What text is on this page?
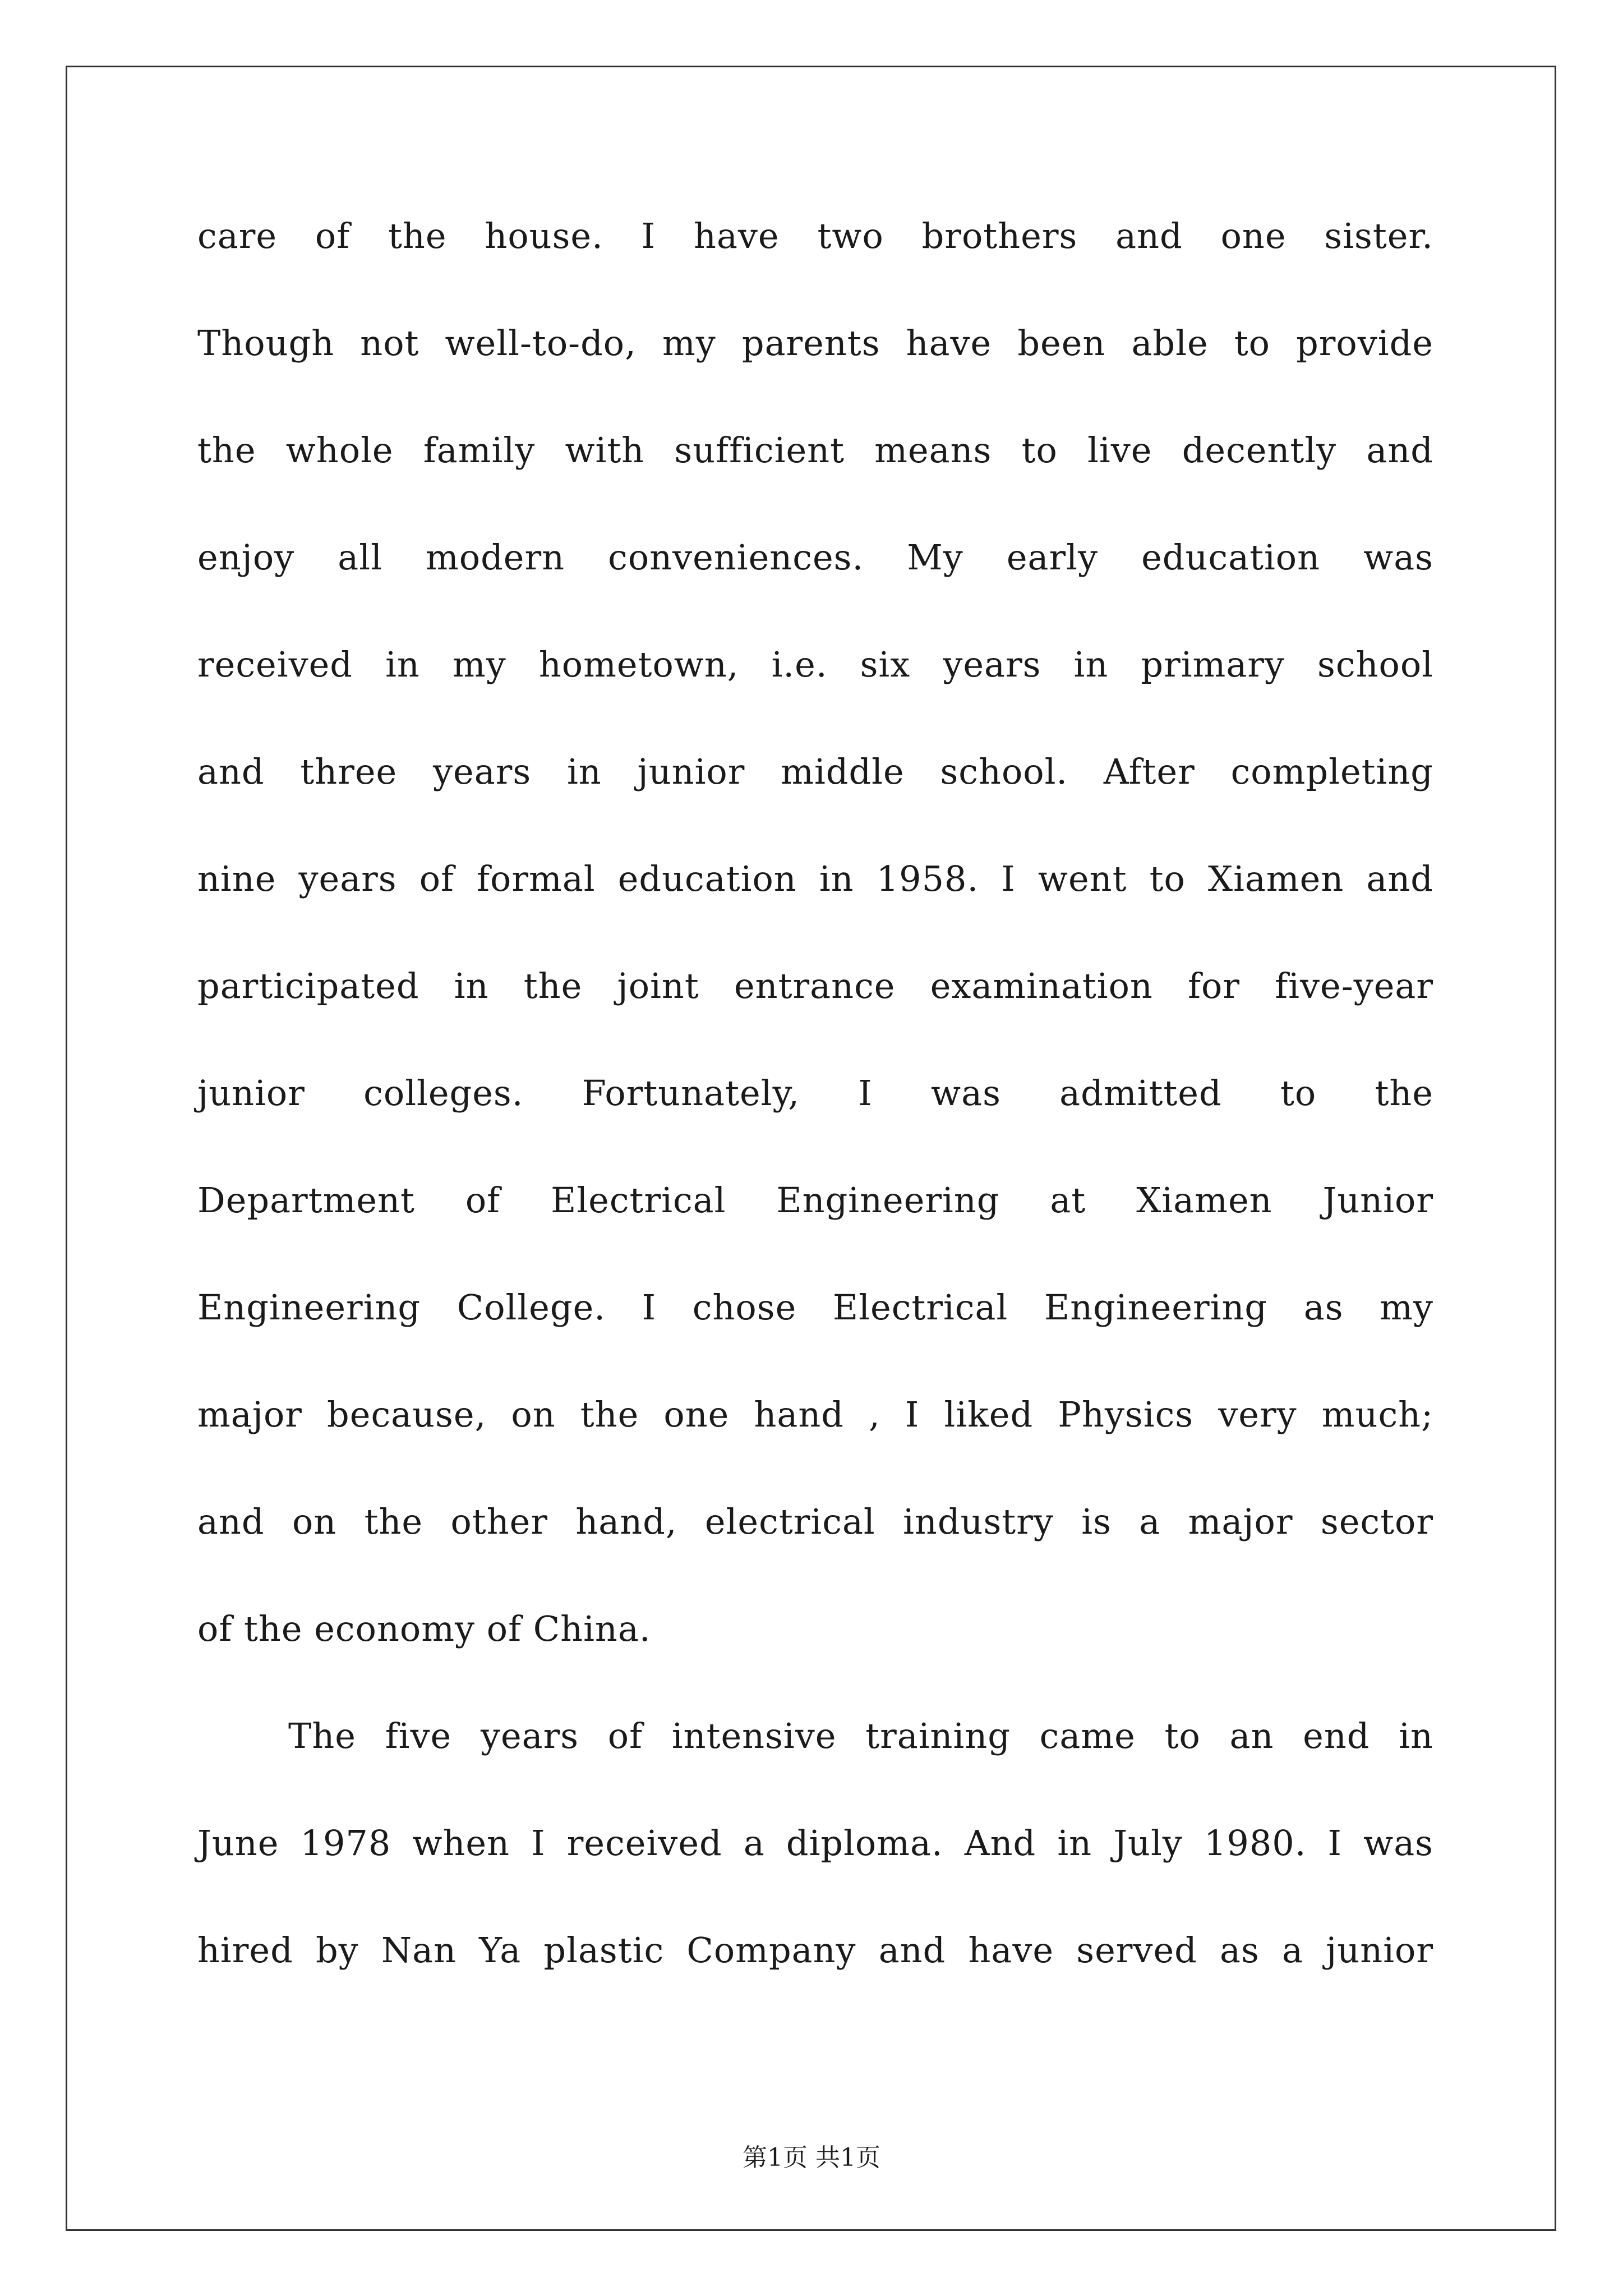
care of the house. I have two brothers and one sister.
Though not well-to-do, my parents have been able to provide
the whole family with sufficient means to live decently and
enjoy all modern conveniences. My early education was
received in my hometown, i.e. six years in primary school
and three years in junior middle school. After completing
nine years of formal education in 1958. I went to Xiamen and
participated in the joint entrance examination for five-year
junior colleges. Fortunately, I was admitted to the
Department of Electrical Engineering at Xiamen Junior
Engineering College. I chose Electrical Engineering as my
major because, on the one hand , I liked Physics very much;
and on the other hand, electrical industry is a major sector
of the economy of China.
The five years of intensive training came to an end in
June 1978 when I received a diploma. And in July 1980. I was
hired by Nan Ya plastic Company and have served as a junior
第1页 共1页
